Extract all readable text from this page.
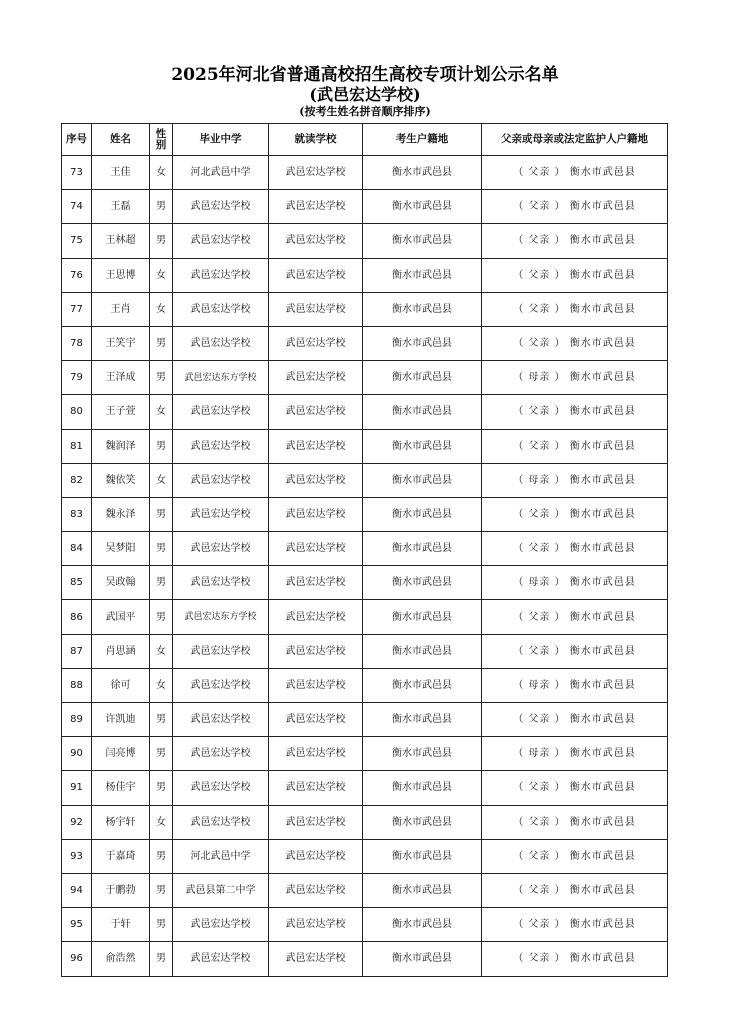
2025年河北省普通高校招生高校专项计划公示名单
(武邑宏达学校)
(按考生姓名拼音顺序排序)
序号	姓名	性别	毕业中学	就读学校	考生户籍地	父亲或母亲或法定监护人户籍地
73	王佳	女	河北武邑中学	武邑宏达学校	衡水市武邑县	（ 父亲 ） 衡水市武邑县
74	王磊	男	武邑宏达学校	武邑宏达学校	衡水市武邑县	（ 父亲 ） 衡水市武邑县
75	王林超	男	武邑宏达学校	武邑宏达学校	衡水市武邑县	（ 父亲 ） 衡水市武邑县
76	王思博	女	武邑宏达学校	武邑宏达学校	衡水市武邑县	（ 父亲 ） 衡水市武邑县
77	王肖	女	武邑宏达学校	武邑宏达学校	衡水市武邑县	（ 父亲 ） 衡水市武邑县
78	王笑宇	男	武邑宏达学校	武邑宏达学校	衡水市武邑县	（ 父亲 ） 衡水市武邑县
79	王泽成	男	武邑宏达东方学校	武邑宏达学校	衡水市武邑县	（ 母亲 ） 衡水市武邑县
80	王子萱	女	武邑宏达学校	武邑宏达学校	衡水市武邑县	（ 父亲 ） 衡水市武邑县
81	魏润泽	男	武邑宏达学校	武邑宏达学校	衡水市武邑县	（ 父亲 ） 衡水市武邑县
82	魏依笑	女	武邑宏达学校	武邑宏达学校	衡水市武邑县	（ 母亲 ） 衡水市武邑县
83	魏永泽	男	武邑宏达学校	武邑宏达学校	衡水市武邑县	（ 父亲 ） 衡水市武邑县
84	吴梦阳	男	武邑宏达学校	武邑宏达学校	衡水市武邑县	（ 父亲 ） 衡水市武邑县
85	吴政翰	男	武邑宏达学校	武邑宏达学校	衡水市武邑县	（ 母亲 ） 衡水市武邑县
86	武国平	男	武邑宏达东方学校	武邑宏达学校	衡水市武邑县	（ 父亲 ） 衡水市武邑县
87	肖思涵	女	武邑宏达学校	武邑宏达学校	衡水市武邑县	（ 父亲 ） 衡水市武邑县
88	徐可	女	武邑宏达学校	武邑宏达学校	衡水市武邑县	（ 母亲 ） 衡水市武邑县
89	许凯迪	男	武邑宏达学校	武邑宏达学校	衡水市武邑县	（ 父亲 ） 衡水市武邑县
90	闫亮博	男	武邑宏达学校	武邑宏达学校	衡水市武邑县	（ 母亲 ） 衡水市武邑县
91	杨佳宇	男	武邑宏达学校	武邑宏达学校	衡水市武邑县	（ 父亲 ） 衡水市武邑县
92	杨宇轩	女	武邑宏达学校	武邑宏达学校	衡水市武邑县	（ 父亲 ） 衡水市武邑县
93	于嘉琦	男	河北武邑中学	武邑宏达学校	衡水市武邑县	（ 父亲 ） 衡水市武邑县
94	于鹏勃	男	武邑县第二中学	武邑宏达学校	衡水市武邑县	（ 父亲 ） 衡水市武邑县
95	于轩	男	武邑宏达学校	武邑宏达学校	衡水市武邑县	（ 父亲 ） 衡水市武邑县
96	俞浩然	男	武邑宏达学校	武邑宏达学校	衡水市武邑县	（ 父亲 ） 衡水市武邑县
